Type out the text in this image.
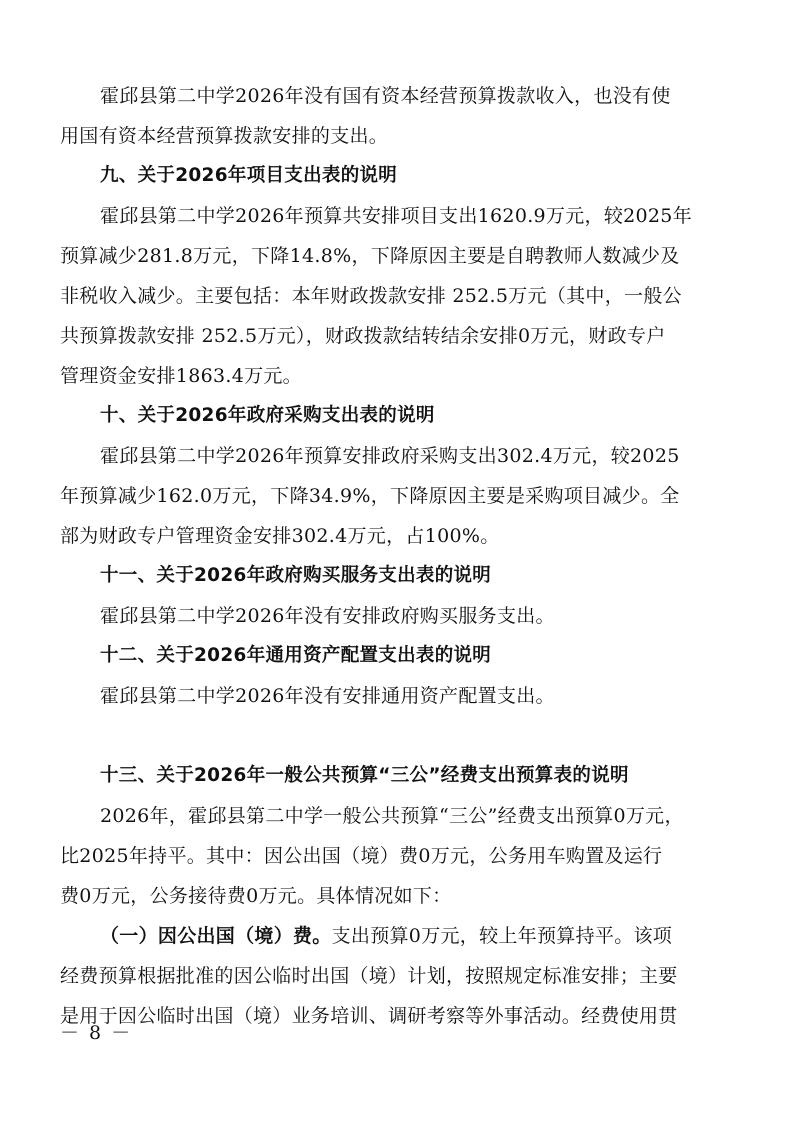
霍邱县第二中学2026年没有国有资本经营预算拨款收入，也没有使
用国有资本经营预算拨款安排的支出。
九、关于2026年项目支出表的说明
霍邱县第二中学2026年预算共安排项目支出1620.9万元，较2025年
预算减少281.8万元，下降14.8%，下降原因主要是自聘教师人数减少及
非税收入减少。主要包括：本年财政拨款安排 252.5万元（其中，一般公
共预算拨款安排 252.5万元），财政拨款结转结余安排0万元，财政专户
管理资金安排1863.4万元。
十、关于2026年政府采购支出表的说明
霍邱县第二中学2026年预算安排政府采购支出302.4万元，较2025
年预算减少162.0万元，下降34.9%，下降原因主要是采购项目减少。全
部为财政专户管理资金安排302.4万元，占100%。
十一、关于2026年政府购买服务支出表的说明
霍邱县第二中学2026年没有安排政府购买服务支出。
十二、关于2026年通用资产配置支出表的说明
霍邱县第二中学2026年没有安排通用资产配置支出。
十三、关于2026年一般公共预算“三公”经费支出预算表的说明
2026年，霍邱县第二中学一般公共预算“三公”经费支出预算0万元，
比2025年持平。其中：因公出国（境）费0万元，公务用车购置及运行
费0万元，公务接待费0万元。具体情况如下：
（一）因公出国（境）费。支出预算0万元，较上年预算持平。该项
经费预算根据批准的因公临时出国（境）计划，按照规定标准安排；主要
是用于因公临时出国（境）业务培训、调研考察等外事活动。经费使用贯
－ 8 －
